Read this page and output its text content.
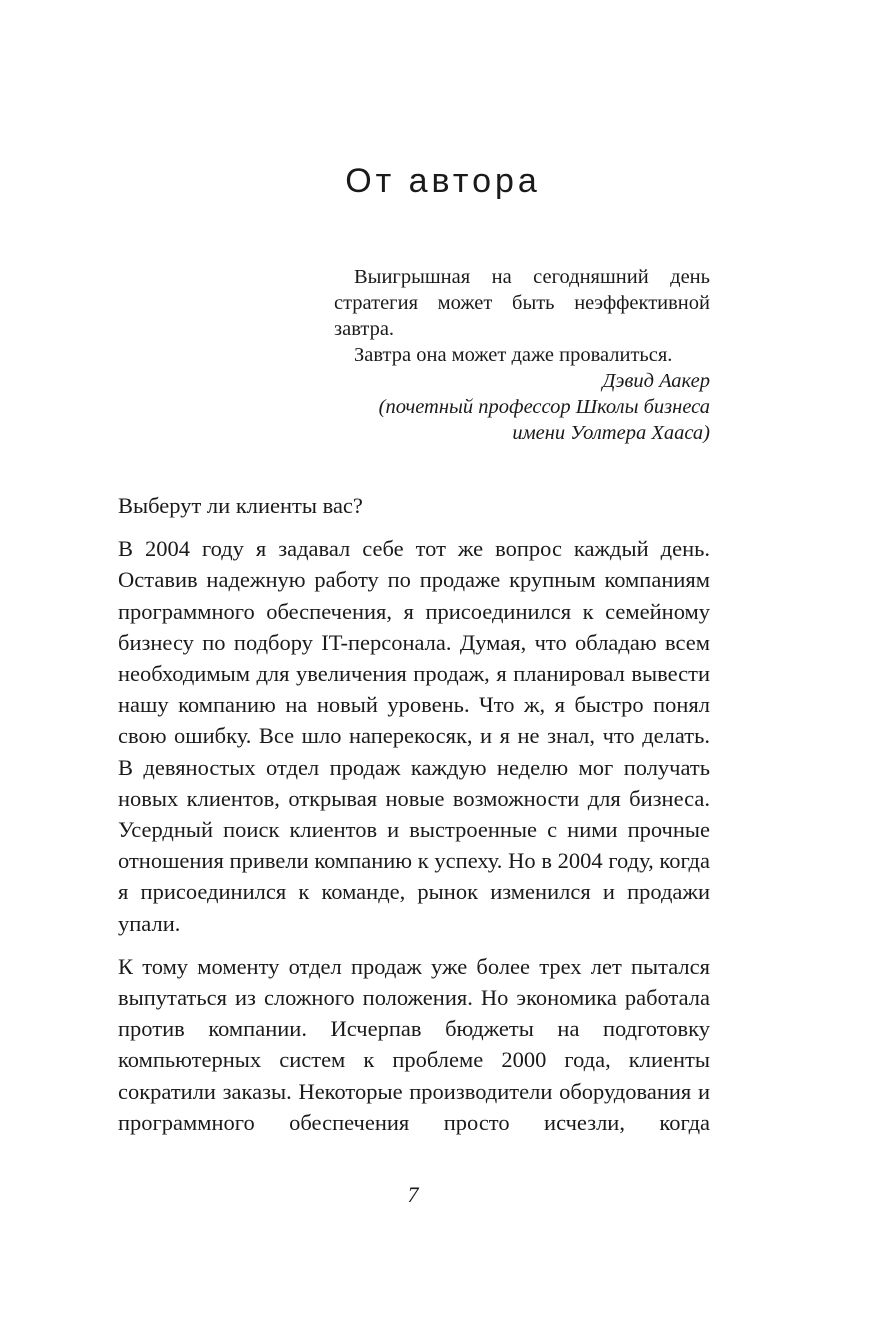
От автора

Выигрышная на сегодняшний день стратегия может быть неэффективной завтра.

Завтра она может даже провалиться.

Дэвид Аакер
(почетный профессор Школы бизнеса
имени Уолтера Хааса)

Выберут ли клиенты вас?

В 2004 году я задавал себе тот же вопрос каждый день. Оставив надежную работу по продаже крупным компаниям программного обеспечения, я присоединился к семейному бизнесу по подбору IT-персонала. Думая, что обладаю всем необходимым для увеличения продаж, я планировал вывести нашу компанию на новый уровень. Что ж, я быстро понял свою ошибку. Все шло наперекосяк, и я не знал, что делать. В девяностых отдел продаж каждую неделю мог получать новых клиентов, открывая новые возможности для бизнеса. Усердный поиск клиентов и выстроенные с ними прочные отношения привели компанию к успеху. Но в 2004 году, когда я присоединился к команде, рынок изменился и продажи упали.

К тому моменту отдел продаж уже более трех лет пытался выпутаться из сложного положения. Но экономика работала против компании. Исчерпав бюджеты на подготовку компьютерных систем к проблеме 2000 года, клиенты сократили заказы. Некоторые производители оборудования и программного обеспечения просто исчезли, когда

7
